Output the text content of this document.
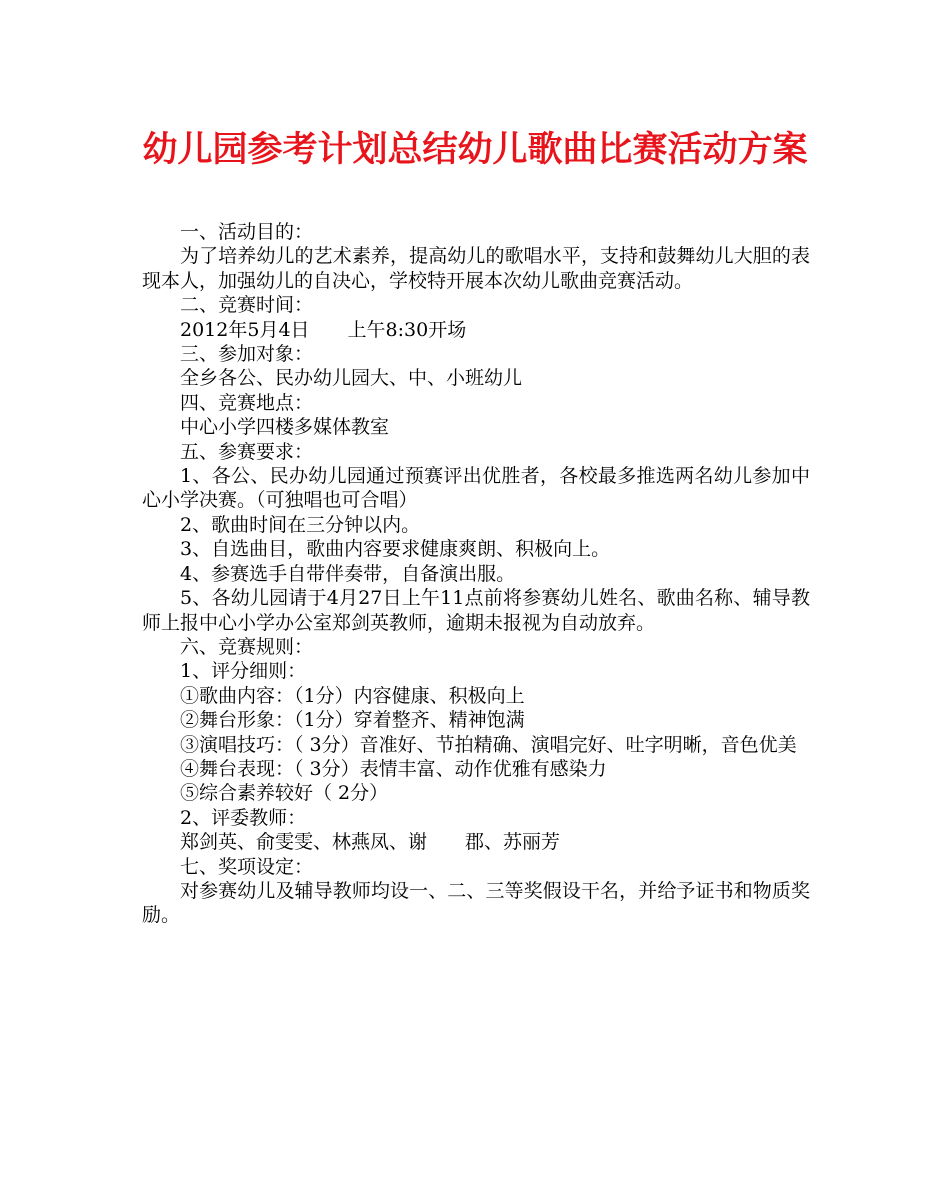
幼儿园参考计划总结幼儿歌曲比赛活动方案

一、活动目的：

为了培养幼儿的艺术素养，提高幼儿的歌唱水平，支持和鼓舞幼儿大胆的表现本人，加强幼儿的自决心，学校特开展本次幼儿歌曲竞赛活动。

二、竞赛时间：

2012年5月4日　　上午8:30开场

三、参加对象：

全乡各公、民办幼儿园大、中、小班幼儿

四、竞赛地点：

中心小学四楼多媒体教室

五、参赛要求：

1、各公、民办幼儿园通过预赛评出优胜者，各校最多推选两名幼儿参加中心小学决赛。（可独唱也可合唱）

2、歌曲时间在三分钟以内。

3、自选曲目，歌曲内容要求健康爽朗、积极向上。

4、参赛选手自带伴奏带，自备演出服。

5、各幼儿园请于4月27日上午11点前将参赛幼儿姓名、歌曲名称、辅导教师上报中心小学办公室郑剑英教师，逾期未报视为自动放弃。

六、竞赛规则：

1、评分细则：

①歌曲内容：（1分）内容健康、积极向上

②舞台形象：（1分）穿着整齐、精神饱满

③演唱技巧：（ 3分）音准好、节拍精确、演唱完好、吐字明晰，音色优美

④舞台表现：（ 3分）表情丰富、动作优雅有感染力

⑤综合素养较好（ 2分）

2、评委教师：

郑剑英、俞雯雯、林燕凤、谢　　郡、苏丽芳

七、奖项设定：

对参赛幼儿及辅导教师均设一、二、三等奖假设干名，并给予证书和物质奖励。
